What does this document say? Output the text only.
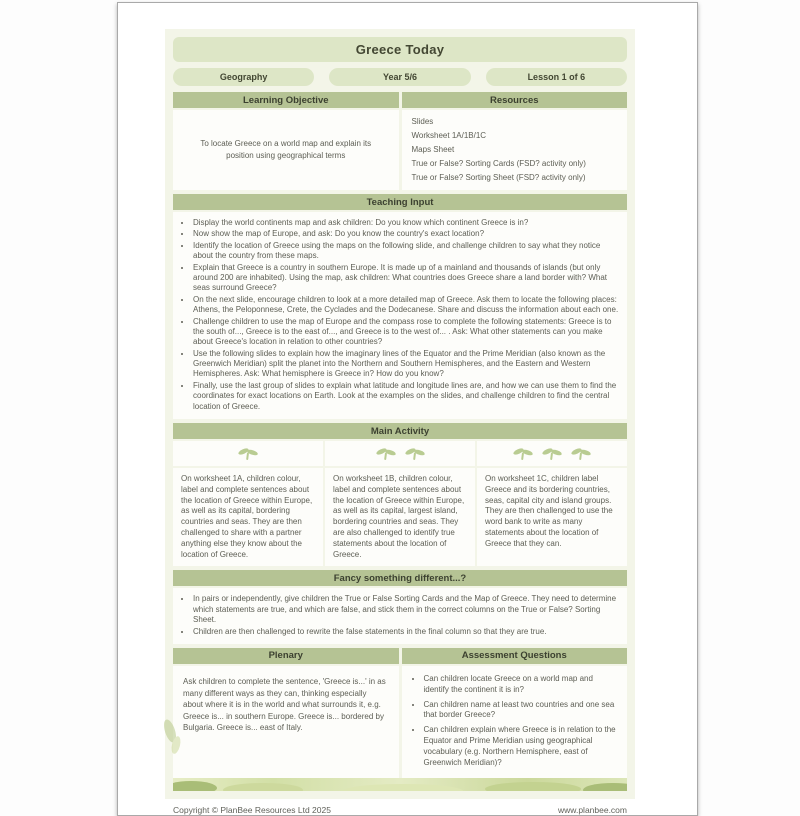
Greece Today
Geography	Year 5/6	Lesson 1 of 6
Learning Objective
To locate Greece on a world map and explain its position using geographical terms
Resources
Slides
Worksheet 1A/1B/1C
Maps Sheet
True or False? Sorting Cards (FSD? activity only)
True or False? Sorting Sheet (FSD? activity only)
Teaching Input
• Display the world continents map and ask children: Do you know which continent Greece is in?
• Now show the map of Europe, and ask: Do you know the country's exact location?
• Identify the location of Greece using the maps on the following slide, and challenge children to say what they notice about the country from these maps.
• Explain that Greece is a country in southern Europe. It is made up of a mainland and thousands of islands (but only around 200 are inhabited). Using the map, ask children: What countries does Greece share a land border with? What seas surround Greece?
• On the next slide, encourage children to look at a more detailed map of Greece. Ask them to locate the following places: Athens, the Peloponnese, Crete, the Cyclades and the Dodecanese. Share and discuss the information about each one.
• Challenge children to use the map of Europe and the compass rose to complete the following statements: Greece is to the south of..., Greece is to the east of..., and Greece is to the west of... . Ask: What other statements can you make about Greece's location in relation to other countries?
• Use the following slides to explain how the imaginary lines of the Equator and the Prime Meridian (also known as the Greenwich Meridian) split the planet into the Northern and Southern Hemispheres, and the Eastern and Western Hemispheres. Ask: What hemisphere is Greece in? How do you know?
• Finally, use the last group of slides to explain what latitude and longitude lines are, and how we can use them to find the coordinates for exact locations on Earth. Look at the examples on the slides, and challenge children to find the central location of Greece.
Main Activity
On worksheet 1A, children colour, label and complete sentences about the location of Greece within Europe, as well as its capital, bordering countries and seas. They are then challenged to share with a partner anything else they know about the location of Greece.
On worksheet 1B, children colour, label and complete sentences about the location of Greece within Europe, as well as its capital, largest island, bordering countries and seas. They are also challenged to identify true statements about the location of Greece.
On worksheet 1C, children label Greece and its bordering countries, seas, capital city and island groups. They are then challenged to use the word bank to write as many statements about the location of Greece that they can.
Fancy something different...?
• In pairs or independently, give children the True or False Sorting Cards and the Map of Greece. They need to determine which statements are true, and which are false, and stick them in the correct columns on the True or False? Sorting Sheet.
• Children are then challenged to rewrite the false statements in the final column so that they are true.
Plenary
Ask children to complete the sentence, 'Greece is...' in as many different ways as they can, thinking especially about where it is in the world and what surrounds it, e.g. Greece is... in southern Europe. Greece is... bordered by Bulgaria. Greece is... east of Italy.
Assessment Questions
• Can children locate Greece on a world map and identify the continent it is in?
• Can children name at least two countries and one sea that border Greece?
• Can children explain where Greece is in relation to the Equator and Prime Meridian using geographical vocabulary (e.g. Northern Hemisphere, east of Greenwich Meridian)?
Copyright © PlanBee Resources Ltd 2025	www.planbee.com
